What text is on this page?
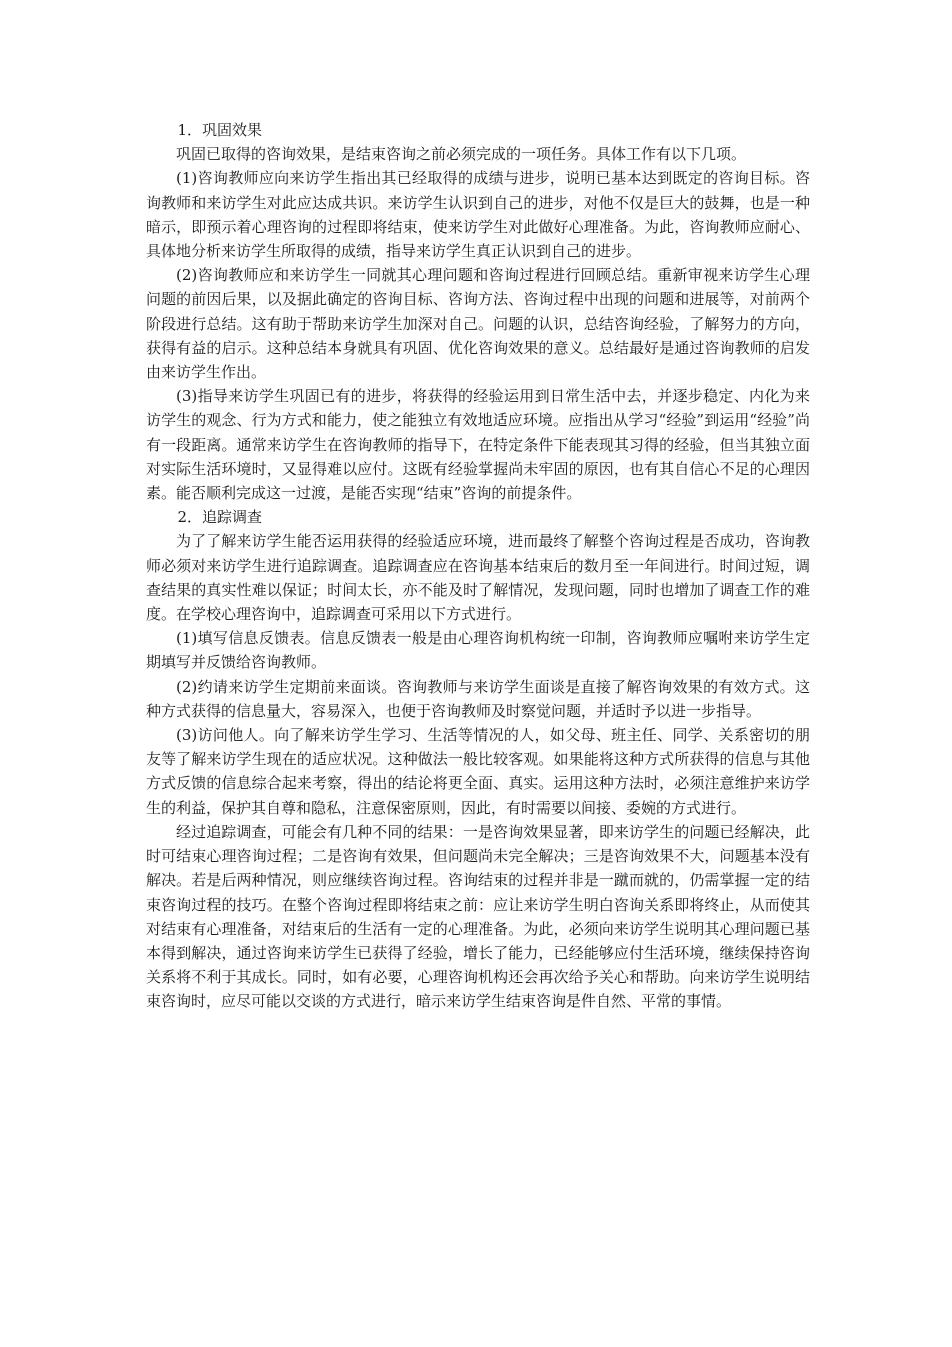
1．巩固效果

巩固已取得的咨询效果，是结束咨询之前必须完成的一项任务。具体工作有以下几项。

(1)咨询教师应向来访学生指出其已经取得的成绩与进步，说明已基本达到既定的咨询目标。咨询教师和来访学生对此应达成共识。来访学生认识到自己的进步，对他不仅是巨大的鼓舞，也是一种暗示，即预示着心理咨询的过程即将结束，使来访学生对此做好心理准备。为此，咨询教师应耐心、具体地分析来访学生所取得的成绩，指导来访学生真正认识到自己的进步。

(2)咨询教师应和来访学生一同就其心理问题和咨询过程进行回顾总结。重新审视来访学生心理问题的前因后果，以及据此确定的咨询目标、咨询方法、咨询过程中出现的问题和进展等，对前两个阶段进行总结。这有助于帮助来访学生加深对自己。问题的认识，总结咨询经验，了解努力的方向，获得有益的启示。这种总结本身就具有巩固、优化咨询效果的意义。总结最好是通过咨询教师的启发由来访学生作出。

(3)指导来访学生巩固已有的进步，将获得的经验运用到日常生活中去，并逐步稳定、内化为来访学生的观念、行为方式和能力，使之能独立有效地适应环境。应指出从学习“经验”到运用“经验”尚有一段距离。通常来访学生在咨询教师的指导下，在特定条件下能表现其习得的经验，但当其独立面对实际生活环境时，又显得难以应付。这既有经验掌握尚未牢固的原因，也有其自信心不足的心理因素。能否顺利完成这一过渡，是能否实现“结束”咨询的前提条件。

2．追踪调查

为了了解来访学生能否运用获得的经验适应环境，进而最终了解整个咨询过程是否成功，咨询教师必须对来访学生进行追踪调查。追踪调查应在咨询基本结束后的数月至一年间进行。时间过短，调查结果的真实性难以保证；时间太长，亦不能及时了解情况，发现问题，同时也增加了调查工作的难度。在学校心理咨询中，追踪调查可采用以下方式进行。

(1)填写信息反馈表。信息反馈表一般是由心理咨询机构统一印制，咨询教师应嘱咐来访学生定期填写并反馈给咨询教师。

(2)约请来访学生定期前来面谈。咨询教师与来访学生面谈是直接了解咨询效果的有效方式。这种方式获得的信息量大，容易深入，也便于咨询教师及时察觉问题，并适时予以进一步指导。

(3)访问他人。向了解来访学生学习、生活等情况的人，如父母、班主任、同学、关系密切的朋友等了解来访学生现在的适应状况。这种做法一般比较客观。如果能将这种方式所获得的信息与其他方式反馈的信息综合起来考察，得出的结论将更全面、真实。运用这种方法时，必须注意维护来访学生的利益，保护其自尊和隐私，注意保密原则，因此，有时需要以间接、委婉的方式进行。

经过追踪调查，可能会有几种不同的结果：一是咨询效果显著，即来访学生的问题已经解决，此时可结束心理咨询过程；二是咨询有效果，但问题尚未完全解决；三是咨询效果不大，问题基本没有解决。若是后两种情况，则应继续咨询过程。咨询结束的过程并非是一蹴而就的，仍需掌握一定的结束咨询过程的技巧。在整个咨询过程即将结束之前：应让来访学生明白咨询关系即将终止，从而使其对结束有心理准备，对结束后的生活有一定的心理准备。为此，必须向来访学生说明其心理问题已基本得到解决，通过咨询来访学生已获得了经验，增长了能力，已经能够应付生活环境，继续保持咨询关系将不利于其成长。同时，如有必要，心理咨询机构还会再次给予关心和帮助。向来访学生说明结束咨询时，应尽可能以交谈的方式进行，暗示来访学生结束咨询是件自然、平常的事情。
